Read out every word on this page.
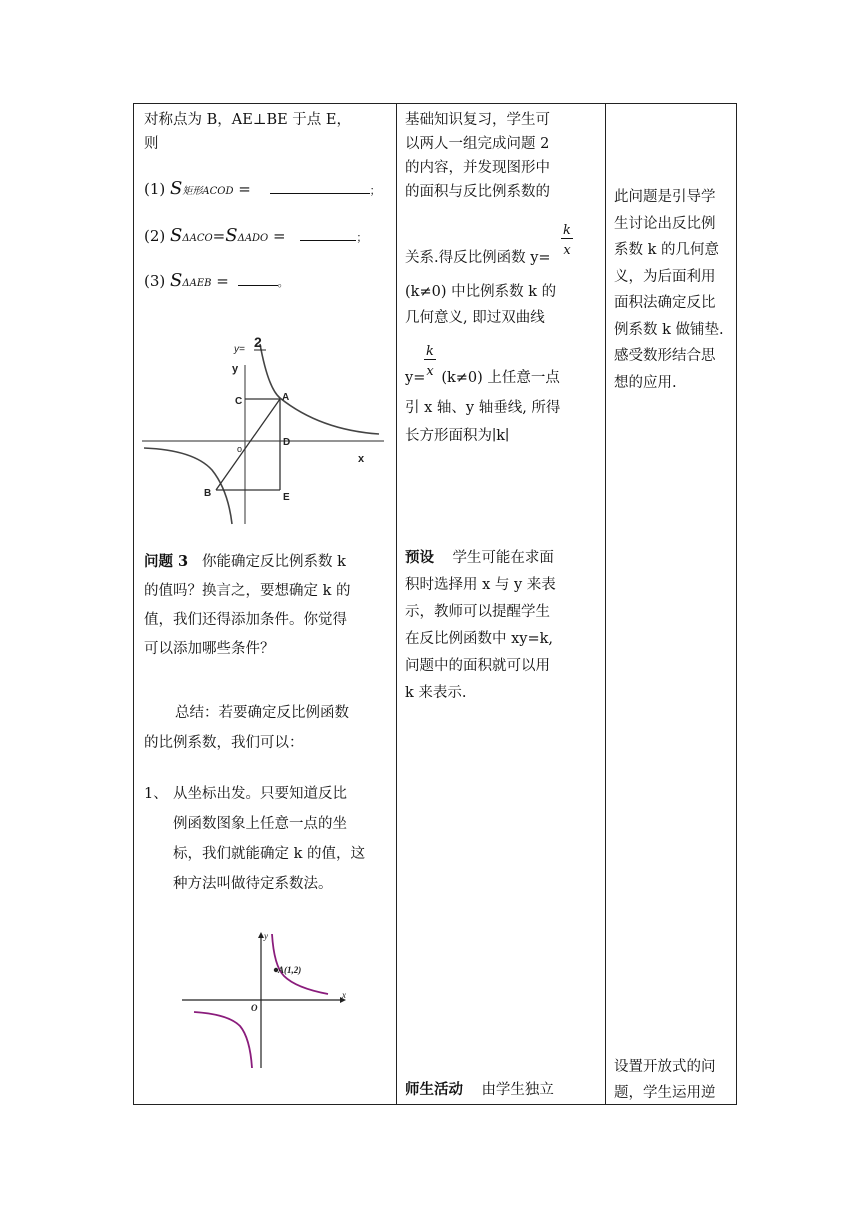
对称点为 B，AE⊥BE 于点 E，
则
(1) S矩形ACOD =	；
(2) SΔACO=SΔADO =	；
(3) SΔAEB =	。
y= 2
y
x
A
B
C
D
E
o
问题 3 你能确定反比例系数 k
的值吗？换言之，要想确定 k 的
值，我们还得添加条件。你觉得
可以添加哪些条件？
总结：若要确定反比例函数
的比例系数，我们可以：
1、 从坐标出发。只要知道反比
例函数图象上任意一点的坐
标，我们就能确定 k 的值，这
种方法叫做待定系数法。
A(1,2)
y
x
O

基础知识复习，学生可
以两人一组完成问题 2
的内容，并发现图形中
的面积与反比例系数的
关系.得反比例函数 y=
k
x
(k≠0) 中比例系数 k 的
几何意义, 即过双曲线
k
x
y= (k≠0) 上任意一点
引 x 轴、y 轴垂线, 所得
长方形面积为∣k∣
预设 学生可能在求面
积时选择用 x 与 y 来表
示，教师可以提醒学生
在反比例函数中 xy=k,
问题中的面积就可以用
k 来表示.
师生活动 由学生独立

此问题是引导学
生讨论出反比例
系数 k 的几何意
义，为后面利用
面积法确定反比
例系数 k 做铺垫.
感受数形结合思
想的应用.
设置开放式的问
题，学生运用逆
